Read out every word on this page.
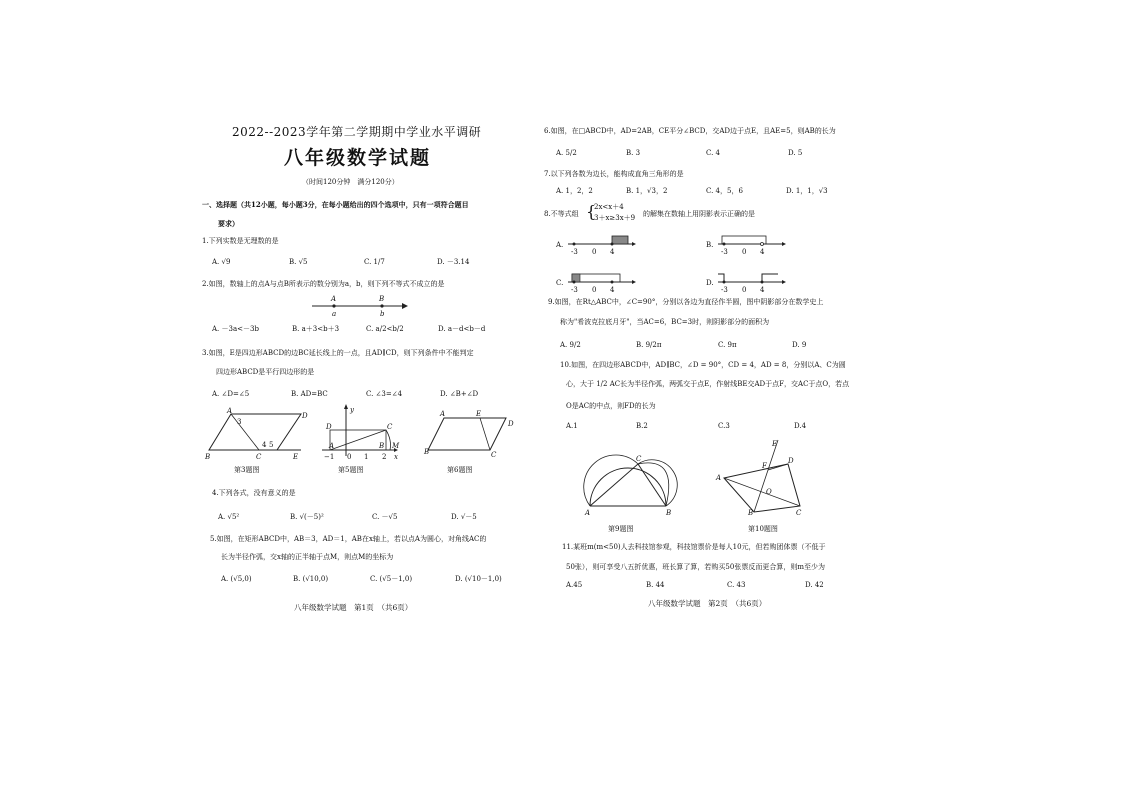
2022--2023学年第二学期期中学业水平调研
八年级数学试题
（时间120分钟　满分120分）
一、选择题（共12小题，每小题3分，在每小题给出的四个选项中，只有一项符合题目
要求）
1.下列实数是无理数的是
A. √9	B. √5	C. 1/7	D. －3.14
2.如图，数轴上的点A与点B所表示的数分别为a，b，则下列不等式不成立的是
A	B
a	b
A. －3a<－3b	B. a＋3<b＋3	C. a/2<b/2	D. a－d<b－d
3.如图，E是四边形ABCD的边BC延长线上的一点，且AD∥CD，则下列条件中不能判定
四边形ABCD是平行四边形的是
A. ∠D=∠5	B. AD=BC	C. ∠3=∠4	D. ∠B+∠D
A
D
B	C	E
3
4 5
y
D	C
A	B M
−1 0 1 2 x
A	E
D
B	C
第3题图	第5题图	第6题图
4.下列各式，没有意义的是
A. √5²	B. √(－5)²	C. －√5	D. √－5
5.如图，在矩形ABCD中，AB＝3，AD＝1，AB在x轴上，若以点A为圆心，对角线AC的
长为半径作弧，交x轴的正半轴于点M，则点M的坐标为
A. (√5,0)	B. (√10,0)	C. (√5－1,0)	D. (√10－1,0)
八年级数学试题　第1页　（共6页）
6.如图，在□ABCD中，AD=2AB，CE平分∠BCD，交AD边于点E，且AE=5，则AB的长为
A. 5/2	B. 3	C. 4	D. 5
7.以下列各数为边长，能构成直角三角形的是
A. 1，2，2	B. 1，√3，2	C. 4，5，6	D. 1，1，√3
8.不等式组 {
2x<x＋4
3＋x≥3x＋9 的解集在数轴上用阴影表示正确的是
A.
-3 0 4
B.
-3 0 4
C.
-3 0 4
D.
-3 0 4
9.如图，在Rt△ABC中，∠C=90°，分别以各边为直径作半圆，图中阴影部分在数学史上
称为"希波克拉底月牙"，当AC=6，BC=3时，则阴影部分的面积为
A. 9/2	B. 9/2π	C. 9π	D. 9
10.如图，在四边形ABCD中，AD∥BC，∠D = 90°，CD = 4，AD = 8，分别以A、C为圆
心，大于 1/2 AC长为半径作弧，两弧交于点E，作射线BE交AD于点F，交AC于点O，若点
O是AC的中点，则FD的长为
A.1	B.2	C.3	D.4
A	B
C
A
B	C
D
E
F
O
第9题图	第10题图
11.某班m(m<50)人去科技馆参观，科技馆票价是每人10元，但若购团体票（不低于
50张），则可享受八五折优惠，班长算了算，若购买50张票反而更合算，则m至少为
A.45	B. 44	C. 43	D. 42
八年级数学试题　第2页　（共6页）
